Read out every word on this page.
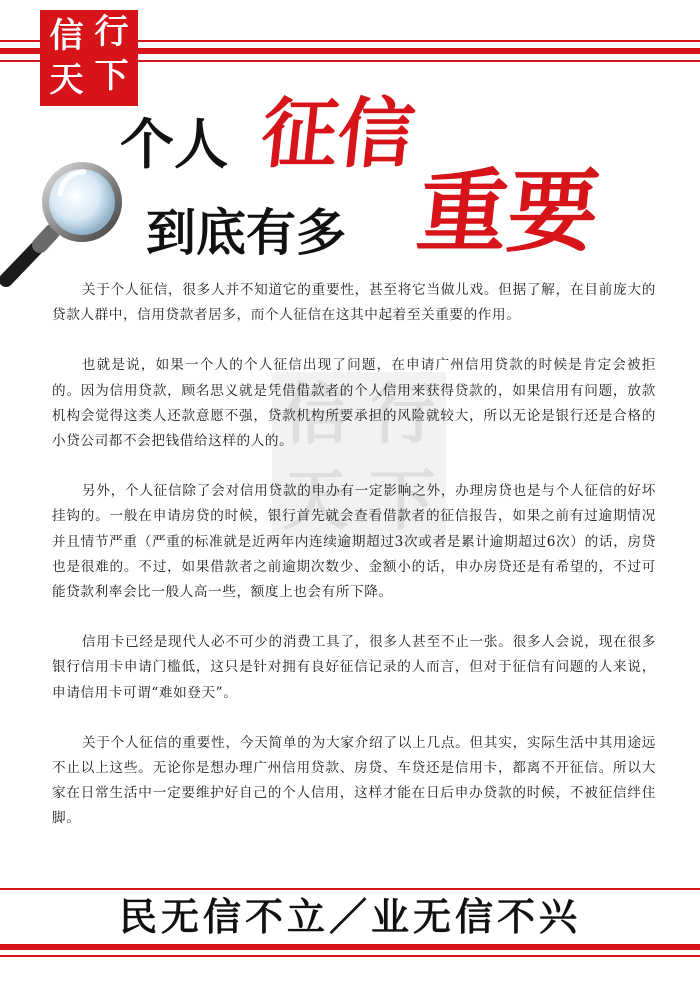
信 行
天 下
个人 征信
到底有多 重要
信 行
天 下

关于个人征信，很多人并不知道它的重要性，甚至将它当做儿戏。但据了解，在目前庞大的贷款人群中，信用贷款者居多，而个人征信在这其中起着至关重要的作用。

也就是说，如果一个人的个人征信出现了问题，在申请广州信用贷款的时候是肯定会被拒的。因为信用贷款，顾名思义就是凭借借款者的个人信用来获得贷款的，如果信用有问题，放款机构会觉得这类人还款意愿不强，贷款机构所要承担的风险就较大，所以无论是银行还是合格的小贷公司都不会把钱借给这样的人的。

另外，个人征信除了会对信用贷款的申办有一定影响之外，办理房贷也是与个人征信的好坏挂钩的。一般在申请房贷的时候，银行首先就会查看借款者的征信报告，如果之前有过逾期情况并且情节严重（严重的标准就是近两年内连续逾期超过3次或者是累计逾期超过6次）的话，房贷也是很难的。不过，如果借款者之前逾期次数少、金额小的话，申办房贷还是有希望的，不过可能贷款利率会比一般人高一些，额度上也会有所下降。

信用卡已经是现代人必不可少的消费工具了，很多人甚至不止一张。很多人会说，现在很多银行信用卡申请门槛低，这只是针对拥有良好征信记录的人而言，但对于征信有问题的人来说，申请信用卡可谓“难如登天”。

关于个人征信的重要性，今天简单的为大家介绍了以上几点。但其实，实际生活中其用途远不止以上这些。无论你是想办理广州信用贷款、房贷、车贷还是信用卡，都离不开征信。所以大家在日常生活中一定要维护好自己的个人信用，这样才能在日后申办贷款的时候，不被征信绊住脚。

民无信不立／业无信不兴
